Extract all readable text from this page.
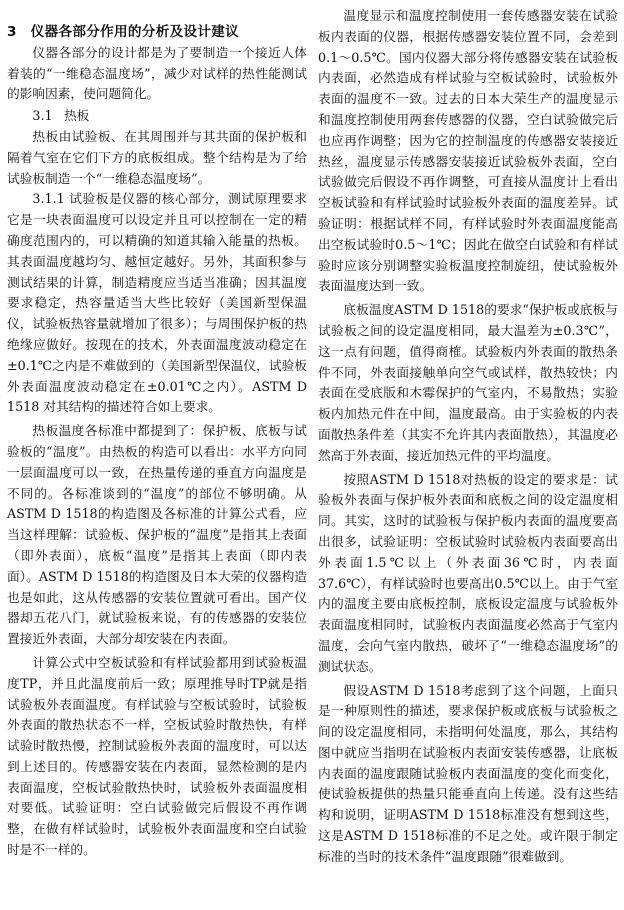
3　仪器各部分作用的分析及设计建议

仪器各部分的设计都是为了要制造一个接近人体着装的“一维稳态温度场”，减少对试样的热性能测试的影响因素，使问题简化。

3.1 热板

热板由试验板、在其周围并与其共面的保护板和隔着气室在它们下方的底板组成。整个结构是为了给试验板制造一个“一维稳态温度场”。

3.1.1 试验板是仪器的核心部分，测试原理要求它是一块表面温度可以设定并且可以控制在一定的精确度范围内的，可以精确的知道其输入能量的热板。其表面温度越均匀、越恒定越好。另外，其面积参与测试结果的计算，制造精度应当适当准确；因其温度要求稳定，热容量适当大些比较好（美国新型保温仪，试验板热容量就增加了很多）；与周围保护板的热绝缘应做好。按现在的技术，外表面温度波动稳定在±0.1℃之内是不难做到的（美国新型保温仪，试验板外表面温度波动稳定在±0.01℃之内）。ASTM D 1518 对其结构的描述符合如上要求。

热板温度各标准中都提到了：保护板、底板与试验板的“温度”。由热板的构造可以看出：水平方向同一层面温度可以一致，在热量传递的垂直方向温度是不同的。各标准谈到的“温度”的部位不够明确。从ASTM D 1518的构造图及各标准的计算公式看，应当这样理解：试验板、保护板的“温度”是指其上表面（即外表面），底板“温度”是指其上表面（即内表面）。ASTM D 1518的构造图及日本大荣的仪器构造也是如此，这从传感器的安装位置就可看出。国产仪器却五花八门，就试验板来说，有的传感器的安装位置接近外表面，大部分却安装在内表面。

计算公式中空板试验和有样试验都用到试验板温度TP，并且此温度前后一致；原理推导时TP就是指试验板外表面温度。有样试验与空板试验时，试验板外表面的散热状态不一样，空板试验时散热快，有样试验时散热慢，控制试验板外表面的温度时，可以达到上述目的。传感器安装在内表面，显然检测的是内表面温度，空板试验散热快时，试验板外表面温度相对要低。试验证明：空白试验做完后假设不再作调整，在做有样试验时，试验板外表面温度和空白试验时是不一样的。

温度显示和温度控制使用一套传感器安装在试验板内表面的仪器，根据传感器安装位置不同，会差到0.1～0.5℃。国内仪器大部分将传感器安装在试验板内表面，必然造成有样试验与空板试验时，试验板外表面的温度不一致。过去的日本大荣生产的温度显示和温度控制使用两套传感器的仪器，空白试验做完后也应再作调整；因为它的控制温度的传感器安装接近热丝，温度显示传感器安装接近试验板外表面，空白试验做完后假设不再作调整，可直接从温度计上看出空板试验和有样试验时试验板外表面的温度差异。试验证明：根据试样不同，有样试验时外表面温度能高出空板试验时0.5～1℃；因此在做空白试验和有样试验时应该分别调整实验板温度控制旋纽，使试验板外表面温度达到一致。

底板温度ASTM D 1518的要求“保护板或底板与试验板之间的设定温度相同，最大温差为±0.3℃”，这一点有问题，值得商榷。试验板内外表面的散热条件不同，外表面接触单向空气或试样，散热较快；内表面在受底版和木霉保护的气室内，不易散热；实验板内加热元件在中间，温度最高。由于实验板的内表面散热条件差（其实不允许其内表面散热），其温度必然高于外表面，接近加热元件的平均温度。

按照ASTM D 1518对热板的设定的要求是：试验板外表面与保护板外表面和底板之间的设定温度相同。其实，这时的试验板与保护板内表面的温度要高出很多，试验证明：空板试验时试验板内表面要高出外表面1.5℃以上（外表面36℃时，内表面37.6℃），有样试验时也要高出0.5℃以上。由于气室内的温度主要由底板控制，底板设定温度与试验板外表面温度相同时，试验板内表面温度必然高于气室内温度，会向气室内散热，破坏了“一维稳态温度场”的测试状态。

假设ASTM D 1518考虑到了这个问题，上面只是一种原则性的描述，要求保护板或底板与试验板之间的设定温度相同，未指明何处温度，那么，其结构图中就应当指明在试验板内表面安装传感器，让底板内表面的温度跟随试验板内表面温度的变化而变化，使试验板提供的热量只能垂直向上传递。没有这些结构和说明，证明ASTM D 1518标准没有想到这些，这是ASTM D 1518标准的不足之处。或许限于制定标准的当时的技术条件“温度跟随”很难做到。
